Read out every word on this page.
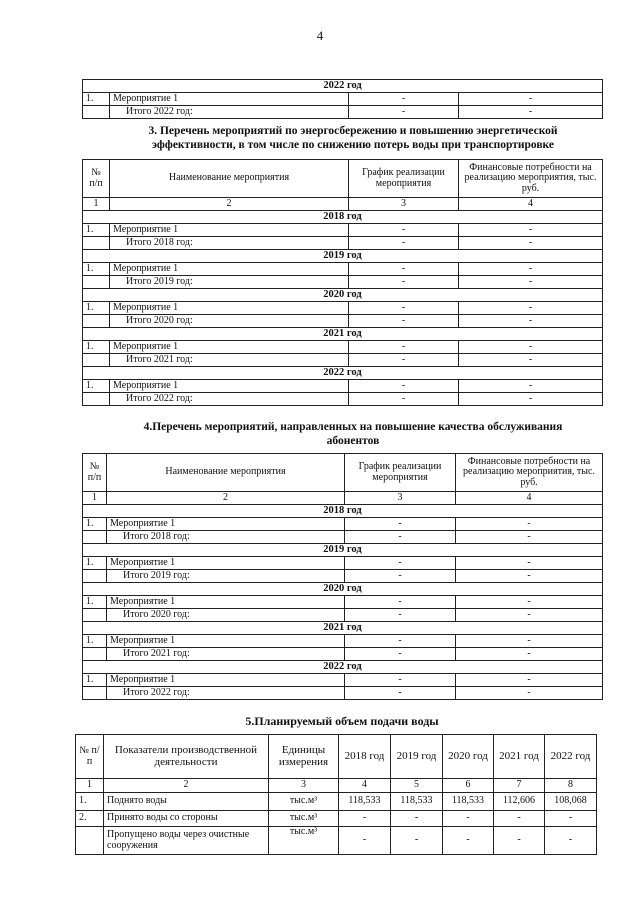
4
2022 год			
1.	Мероприятие 1	-	-
	Итого 2022 год:	-	-
3. Перечень мероприятий по энергосбережению и повышению энергетической эффективности, в том числе по снижению потерь воды при транспортировке
№ п/п	Наименование мероприятия	График реализации мероприятия	Финансовые потребности на реализацию мероприятия, тыс. руб.
1	2	3	4
2018 год			
1.	Мероприятие 1	-	-
	Итого 2018 год:	-	-
2019 год			
1.	Мероприятие 1	-	-
	Итого 2019 год:	-	-
2020 год			
1.	Мероприятие 1	-	-
	Итого 2020 год:	-	-
2021 год			
1.	Мероприятие 1	-	-
	Итого 2021 год:	-	-
2022 год			
1.	Мероприятие 1	-	-
	Итого 2022 год:	-	-
4.Перечень мероприятий, направленных на повышение качества обслуживания абонентов
№ п/п	Наименование мероприятия	График реализации мероприятия	Финансовые потребности на реализацию мероприятия, тыс. руб.
1	2	3	4
2018 год			
1.	Мероприятие 1	-	-
	Итого 2018 год:	-	-
2019 год			
1.	Мероприятие 1	-	-
	Итого 2019 год:	-	-
2020 год			
1.	Мероприятие 1	-	-
	Итого 2020 год:	-	-
2021 год			
1.	Мероприятие 1	-	-
	Итого 2021 год:	-	-
2022 год			
1.	Мероприятие 1	-	-
	Итого 2022 год:	-	-
5.Планируемый объем подачи воды
№ п/п	Показатели производственной деятельности	Единицы измерения	2018 год	2019 год	2020 год	2021 год	2022 год
1	2	3	4	5	6	7	8
1.	Поднято воды	тыс.м³	118,533	118,533	118,533	112,606	108,068
2.	Принято воды со стороны	тыс.м³	-	-	-	-	-
	Пропущено воды через очистные сооружения	тыс.м³	-	-	-	-	-
